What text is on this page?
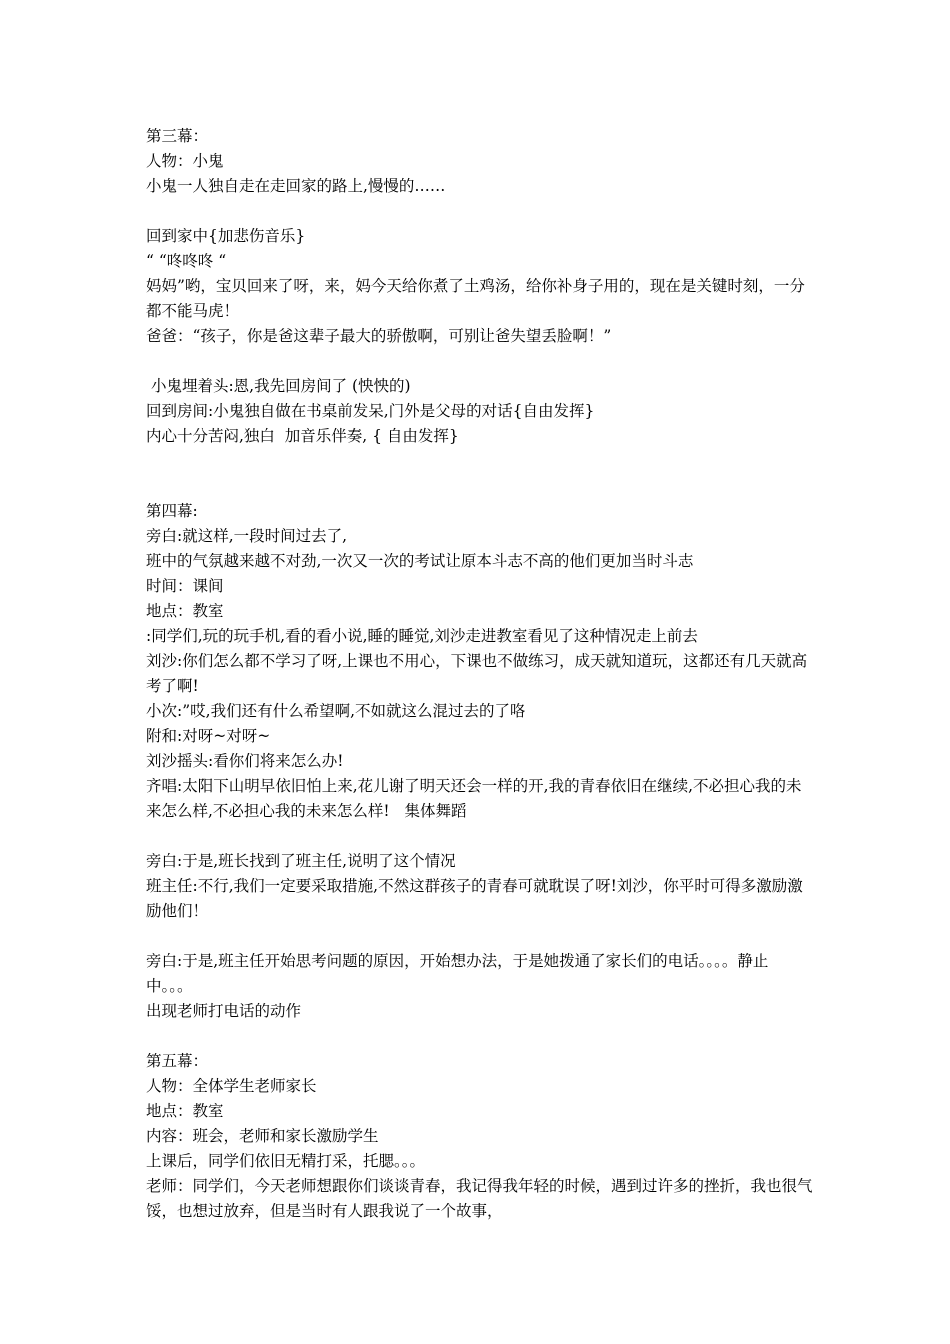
第三幕：

人物：小鬼

小鬼一人独自走在走回家的路上,慢慢的……

回到家中{加悲伤音乐}

“ “咚咚咚 “

妈妈”哟，宝贝回来了呀，来，妈今天给你煮了土鸡汤，给你补身子用的，现在是关键时刻，一分都不能马虎！

爸爸：“孩子，你是爸这辈子最大的骄傲啊，可别让爸失望丢脸啊！”

小鬼埋着头:恩,我先回房间了 (怏怏的)

回到房间:小鬼独自做在书桌前发呆,门外是父母的对话{自由发挥}

内心十分苦闷,独白  加音乐伴奏, { 自由发挥}

第四幕:

旁白:就这样,一段时间过去了,

班中的气氛越来越不对劲,一次又一次的考试让原本斗志不高的他们更加当时斗志

时间：课间

地点：教室

:同学们,玩的玩手机,看的看小说,睡的睡觉,刘沙走进教室看见了这种情况走上前去

刘沙:你们怎么都不学习了呀,上课也不用心，下课也不做练习，成天就知道玩，这都还有几天就高考了啊!

小次:”哎,我们还有什么希望啊,不如就这么混过去的了咯

附和:对呀~对呀~

刘沙摇头:看你们将来怎么办!

齐唱:太阳下山明早依旧怕上来,花儿谢了明天还会一样的开,我的青春依旧在继续,不必担心我的未来怎么样,不必担心我的未来怎么样!   集体舞蹈

旁白:于是,班长找到了班主任,说明了这个情况

班主任:不行,我们一定要采取措施,不然这群孩子的青春可就耽误了呀!刘沙，你平时可得多激励激励他们！

旁白:于是,班主任开始思考问题的原因，开始想办法，于是她拨通了家长们的电话。。。。静止中。。。

出现老师打电话的动作

第五幕：

人物：全体学生老师家长

地点：教室

内容：班会，老师和家长激励学生

上课后，同学们依旧无精打采，托腮。。。

老师：同学们，今天老师想跟你们谈谈青春，我记得我年轻的时候，遇到过许多的挫折，我也很气馁，也想过放弃，但是当时有人跟我说了一个故事，
